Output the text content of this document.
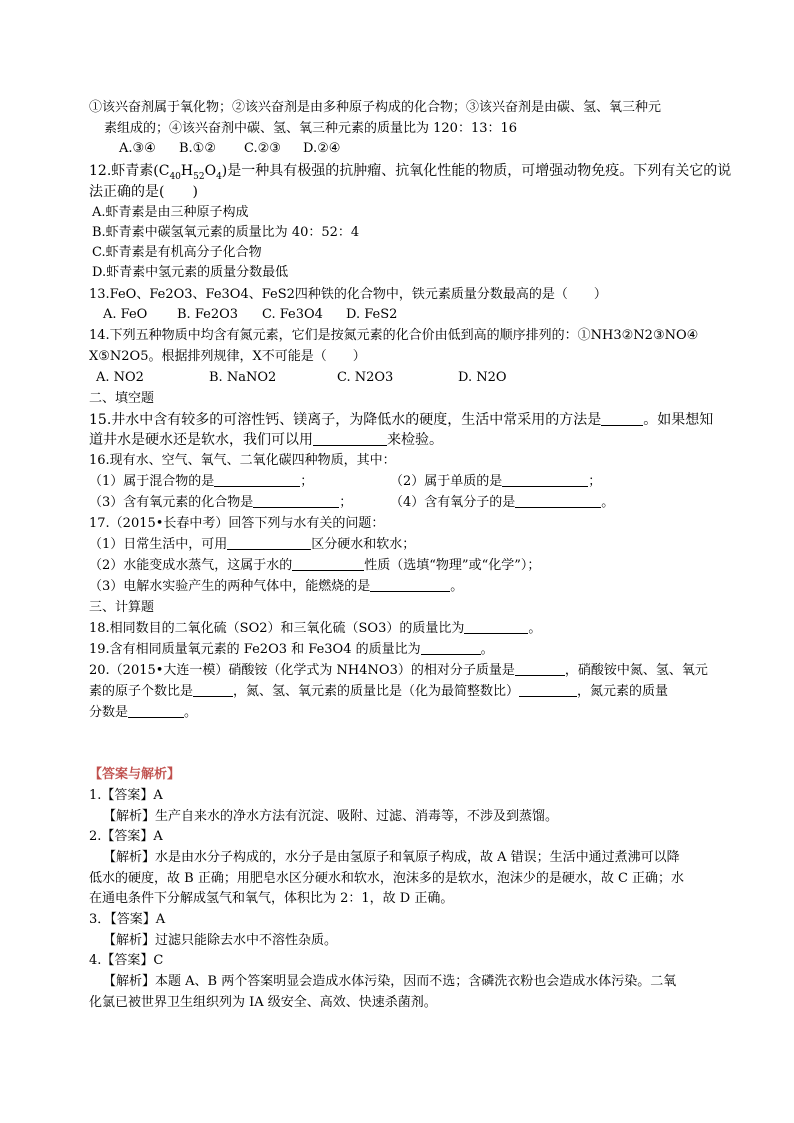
①该兴奋剂属于氧化物；②该兴奋剂是由多种原子构成的化合物；③该兴奋剂是由碳、氢、氧三种元
素组成的；④该兴奋剂中碳、氢、氧三种元素的质量比为 120：13：16
A.③④ B.①② C.②③ D.②④
12.虾青素$(C_{40}H_{52}O_4)$是一种具有极强的抗肿瘤、抗氧化性能的物质，可增强动物免疫。下列有关它的说
法正确的是(　　)
A.虾青素是由三种原子构成
B.虾青素中碳氢氧元素的质量比为 40：52：4
C.虾青素是有机高分子化合物
D.虾青素中氢元素的质量分数最低
13.FeO、Fe2O3、Fe3O4、FeS2四种铁的化合物中，铁元素质量分数最高的是（　　）
A. FeO B. Fe2O3 C. Fe3O4 D. FeS2
14.下列五种物质中均含有氮元素，它们是按氮元素的化合价由低到高的顺序排列的：①NH3②N2③NO④
X⑤N2O5。根据排列规律，X不可能是（　　）
A. NO2	B. NaNO2	C. N2O3	D. N2O
二、填空题
15.井水中含有较多的可溶性钙、镁离子，为降低水的硬度，生活中常采用的方法是	。如果想知
道井水是硬水还是软水，我们可以用	来检验。
16.现有水、空气、氧气、二氧化碳四种物质，其中：
（1）属于混合物的是	；	（2）属于单质的是	；
（3）含有氧元素的化合物是	；	（4）含有氧分子的是	。
17.（2015•长春中考）回答下列与水有关的问题：
（1）日常生活中，可用	区分硬水和软水；
（2）水能变成水蒸气，这属于水的	性质（选填“物理”或“化学”）；
（3）电解水实验产生的两种气体中，能燃烧的是	。
三、计算题
18.相同数目的二氧化硫（SO2）和三氧化硫（SO3）的质量比为	。
19.含有相同质量氧元素的 Fe2O3 和 Fe3O4 的质量比为	。
20.（2015•大连一模）硝酸铵（化学式为 NH4NO3）的相对分子质量是	，硝酸铵中氮、氢、氧元
素的原子个数比是	，氮、氢、氧元素的质量比是（化为最简整数比）	，氮元素的质量
分数是	。
【答案与解析】
1.【答案】A
【解析】生产自来水的净水方法有沉淀、吸附、过滤、消毒等，不涉及到蒸馏。
2.【答案】A
【解析】水是由水分子构成的，水分子是由氢原子和氧原子构成，故 A 错误；生活中通过煮沸可以降
低水的硬度，故 B 正确；用肥皂水区分硬水和软水，泡沫多的是软水，泡沫少的是硬水，故 C 正确；水
在通电条件下分解成氢气和氧气，体积比为 2：1，故 D 正确。
3．【答案】A
【解析】过滤只能除去水中不溶性杂质。
4.【答案】C
【解析】本题 A、B 两个答案明显会造成水体污染，因而不选；含磷洗衣粉也会造成水体污染。二氧
化氯已被世界卫生组织列为 IA 级安全、高效、快速杀菌剂。
